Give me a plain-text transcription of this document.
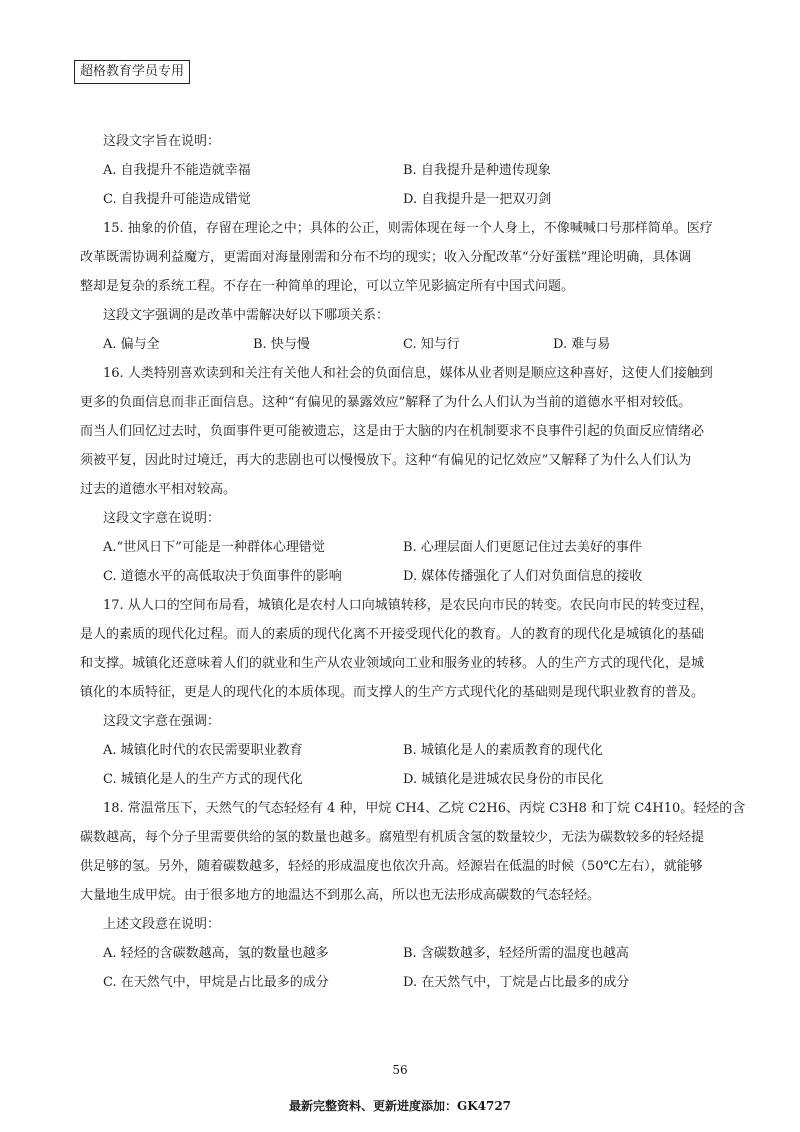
超格教育学员专用
这段文字旨在说明：
A. 自我提升不能造就幸福	B. 自我提升是种遗传现象
C. 自我提升可能造成错觉	D. 自我提升是一把双刃剑
15. 抽象的价值，存留在理论之中；具体的公正，则需体现在每一个人身上，不像喊喊口号那样简单。医疗
改革既需协调利益魔方，更需面对海量刚需和分布不均的现实；收入分配改革“分好蛋糕”理论明确，具体调
整却是复杂的系统工程。不存在一种简单的理论，可以立竿见影搞定所有中国式问题。
这段文字强调的是改革中需解决好以下哪项关系：
A. 偏与全	B. 快与慢	C. 知与行	D. 难与易
16. 人类特别喜欢读到和关注有关他人和社会的负面信息，媒体从业者则是顺应这种喜好，这使人们接触到
更多的负面信息而非正面信息。这种“有偏见的暴露效应”解释了为什么人们认为当前的道德水平相对较低。
而当人们回忆过去时，负面事件更可能被遗忘，这是由于大脑的内在机制要求不良事件引起的负面反应情绪必
须被平复，因此时过境迁，再大的悲剧也可以慢慢放下。这种“有偏见的记忆效应”又解释了为什么人们认为
过去的道德水平相对较高。
这段文字意在说明：
A.“世风日下”可能是一种群体心理错觉	B. 心理层面人们更愿记住过去美好的事件
C. 道德水平的高低取决于负面事件的影响	D. 媒体传播强化了人们对负面信息的接收
17. 从人口的空间布局看，城镇化是农村人口向城镇转移，是农民向市民的转变。农民向市民的转变过程，
是人的素质的现代化过程。而人的素质的现代化离不开接受现代化的教育。人的教育的现代化是城镇化的基础
和支撑。城镇化还意味着人们的就业和生产从农业领域向工业和服务业的转移。人的生产方式的现代化，是城
镇化的本质特征，更是人的现代化的本质体现。而支撑人的生产方式现代化的基础则是现代职业教育的普及。
这段文字意在强调：
A. 城镇化时代的农民需要职业教育	B. 城镇化是人的素质教育的现代化
C. 城镇化是人的生产方式的现代化	D. 城镇化是进城农民身份的市民化
18. 常温常压下，天然气的气态轻烃有 4 种，甲烷 CH4、乙烷 C2H6、丙烷 C3H8 和丁烷 C4H10。轻烃的含
碳数越高，每个分子里需要供给的氢的数量也越多。腐殖型有机质含氢的数量较少，无法为碳数较多的轻烃提
供足够的氢。另外，随着碳数越多，轻烃的形成温度也依次升高。烃源岩在低温的时候（50℃左右），就能够
大量地生成甲烷。由于很多地方的地温达不到那么高，所以也无法形成高碳数的气态轻烃。
上述文段意在说明：
A. 轻烃的含碳数越高，氢的数量也越多	B. 含碳数越多，轻烃所需的温度也越高
C. 在天然气中，甲烷是占比最多的成分	D. 在天然气中，丁烷是占比最多的成分
56
最新完整资料、更新进度添加：GK4727
